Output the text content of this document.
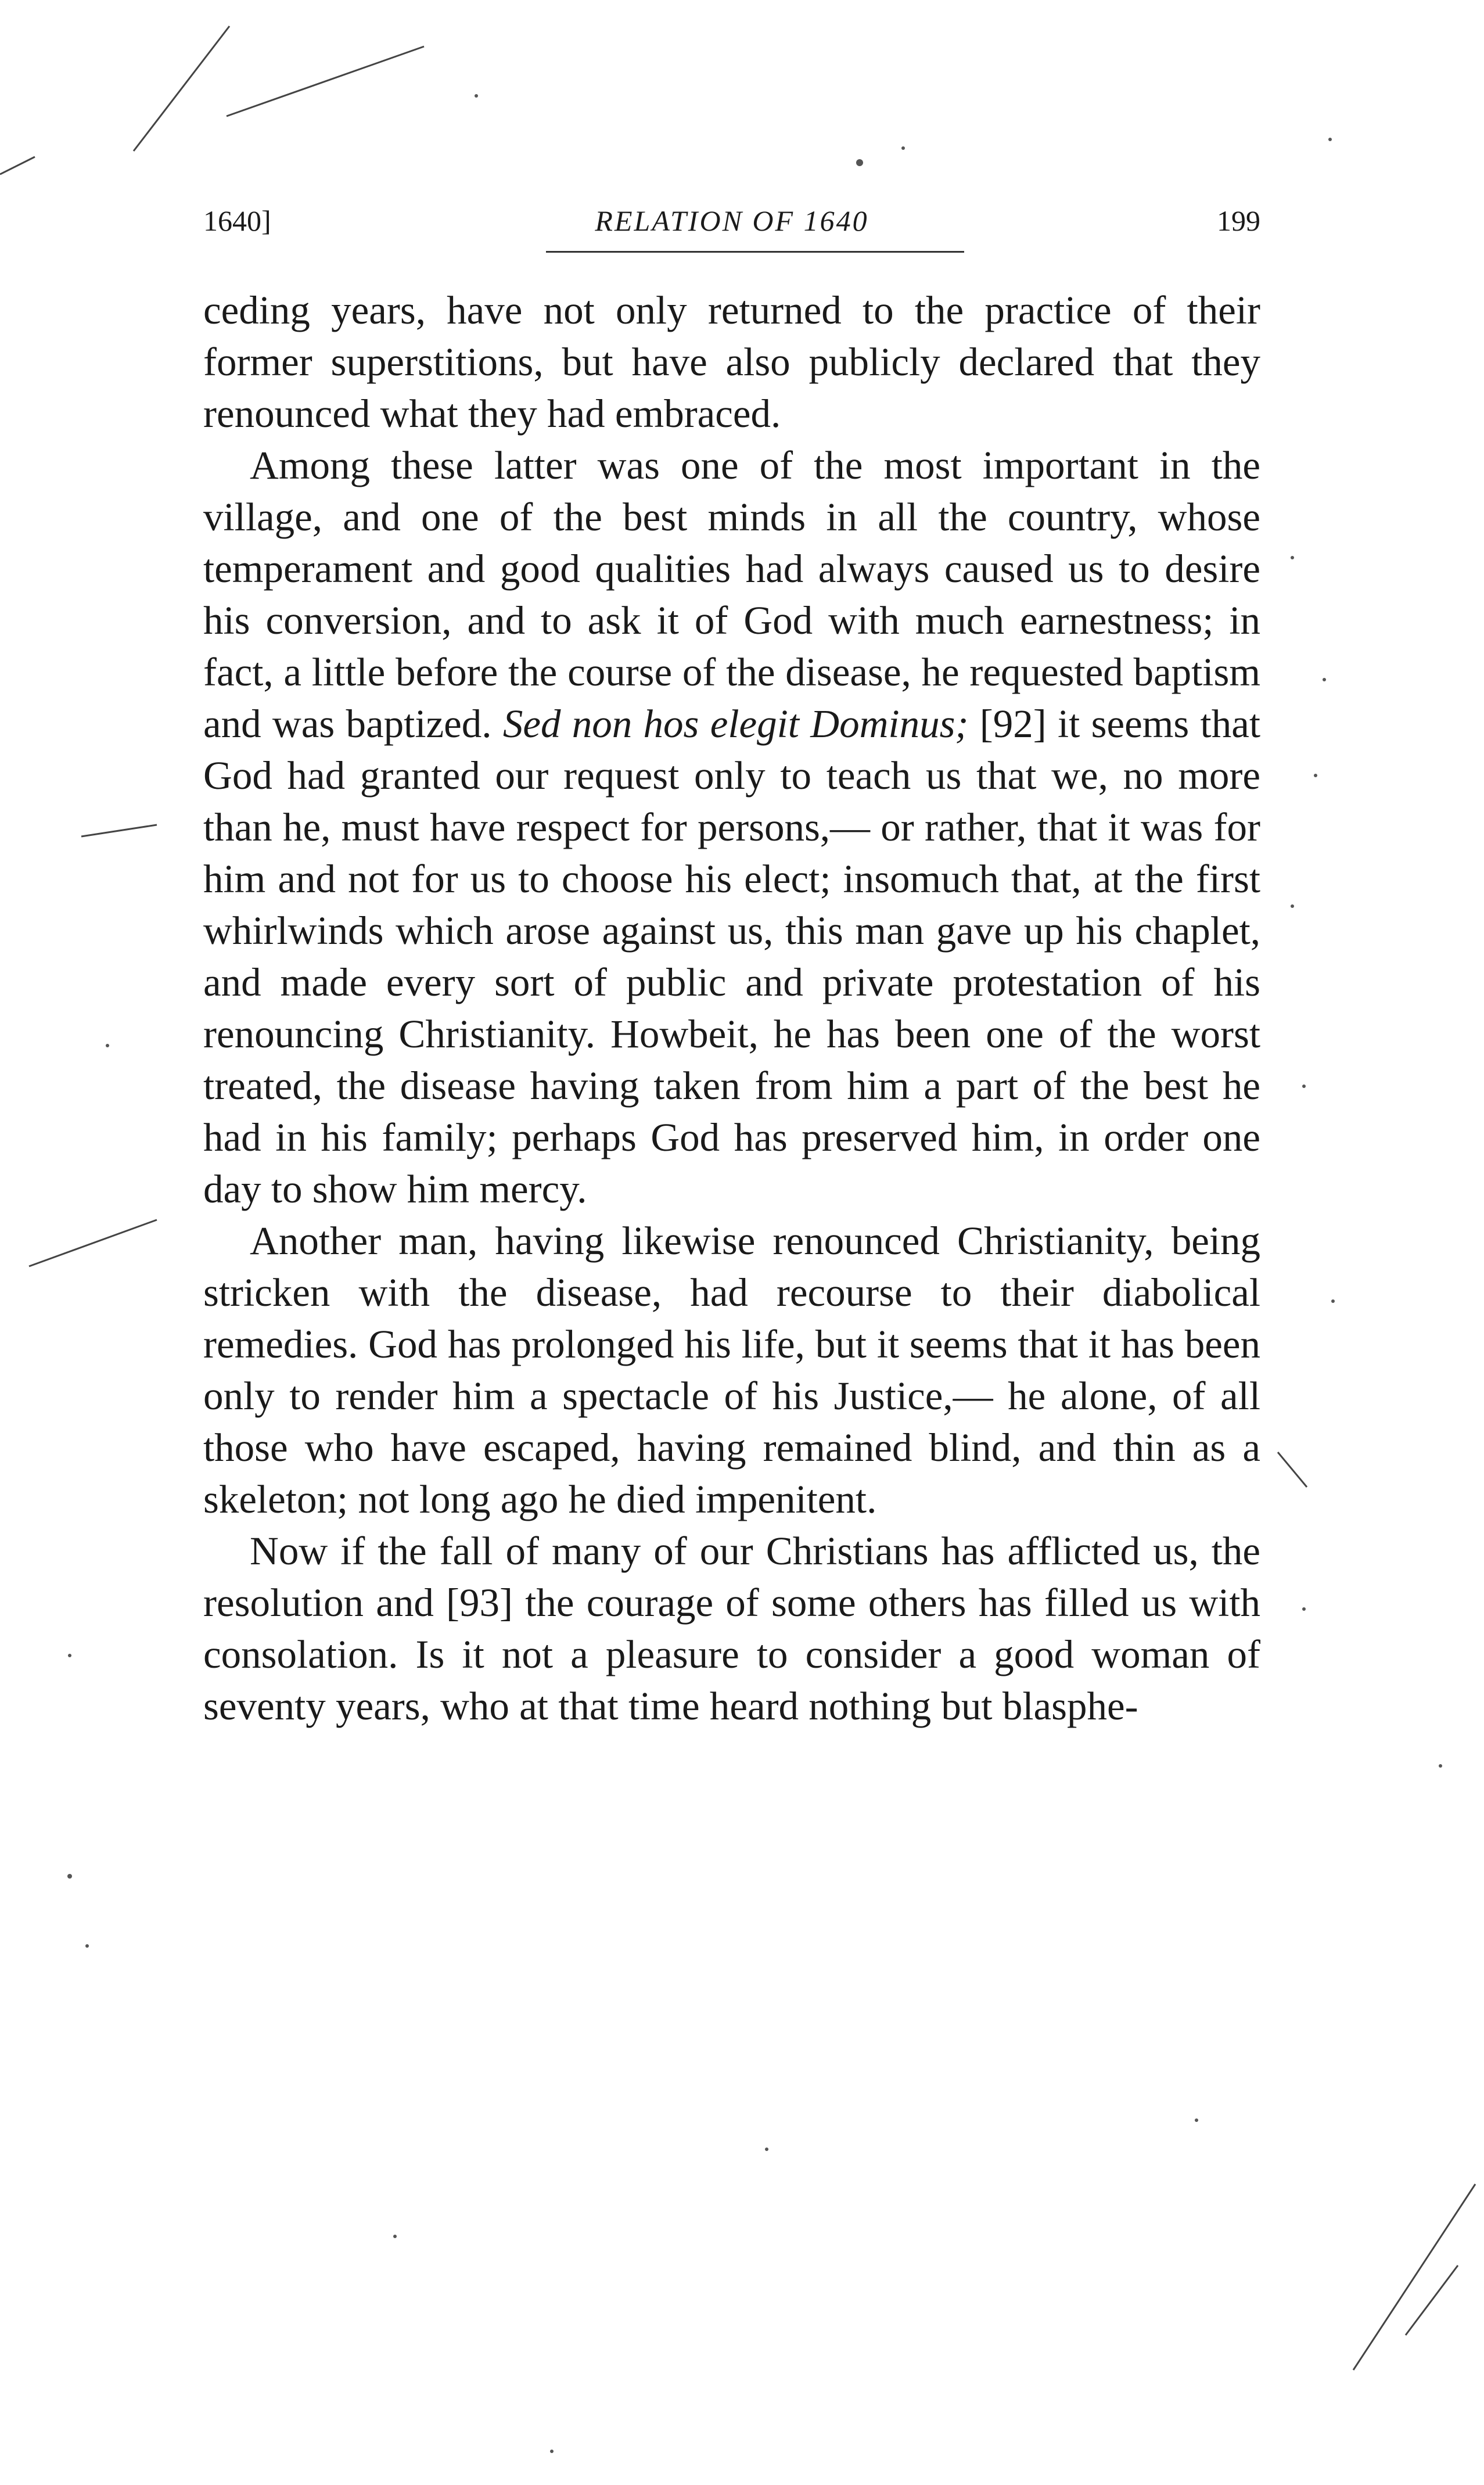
1640]	RELATION OF 1640	199

ceding years, have not only returned to the practice of their former superstitions, but have also publicly declared that they renounced what they had embraced.

Among these latter was one of the most important in the village, and one of the best minds in all the country, whose temperament and good qualities had always caused us to desire his conversion, and to ask it of God with much earnestness; in fact, a little before the course of the disease, he requested baptism and was baptized. Sed non hos elegit Dominus; [92] it seems that God had granted our request only to teach us that we, no more than he, must have respect for persons,— or rather, that it was for him and not for us to choose his elect; insomuch that, at the first whirlwinds which arose against us, this man gave up his chaplet, and made every sort of public and private protestation of his renouncing Christianity. Howbeit, he has been one of the worst treated, the disease having taken from him a part of the best he had in his family; perhaps God has preserved him, in order one day to show him mercy.

Another man, having likewise renounced Christianity, being stricken with the disease, had recourse to their diabolical remedies. God has prolonged his life, but it seems that it has been only to render him a spectacle of his Justice,— he alone, of all those who have escaped, having remained blind, and thin as a skeleton; not long ago he died impenitent.

Now if the fall of many of our Christians has afflicted us, the resolution and [93] the courage of some others has filled us with consolation. Is it not a pleasure to consider a good woman of seventy years, who at that time heard nothing but blasphe-
